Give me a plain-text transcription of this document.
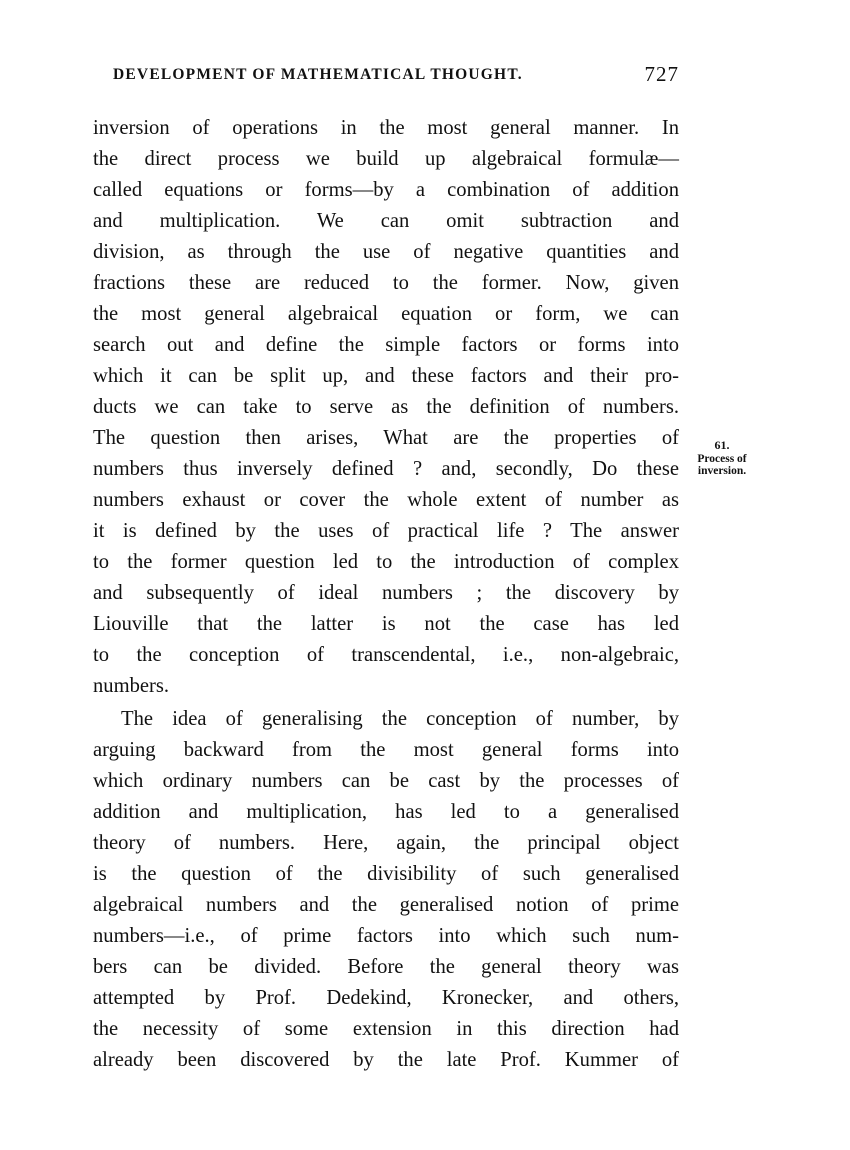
DEVELOPMENT OF MATHEMATICAL THOUGHT.	727
inversion of operations in the most general manner. In
the direct process we build up algebraical formulæ—
called equations or forms—by a combination of addition
and multiplication. We can omit subtraction and
division, as through the use of negative quantities and
fractions these are reduced to the former. Now, given
the most general algebraical equation or form, we can
search out and define the simple factors or forms into
which it can be split up, and these factors and their pro-
ducts we can take to serve as the definition of numbers.
The question then arises, What are the properties of
numbers thus inversely defined ? and, secondly, Do these
numbers exhaust or cover the whole extent of number as
it is defined by the uses of practical life ? The answer
to the former question led to the introduction of complex
and subsequently of ideal numbers ; the discovery by
Liouville that the latter is not the case has led
to the conception of transcendental, i.e., non-algebraic,
numbers.
The idea of generalising the conception of number, by
arguing backward from the most general forms into
which ordinary numbers can be cast by the processes of
addition and multiplication, has led to a generalised
theory of numbers. Here, again, the principal object
is the question of the divisibility of such generalised
algebraical numbers and the generalised notion of prime
numbers—i.e., of prime factors into which such num-
bers can be divided. Before the general theory was
attempted by Prof. Dedekind, Kronecker, and others,
the necessity of some extension in this direction had
already been discovered by the late Prof. Kummer of
61.
Process of
inversion.
